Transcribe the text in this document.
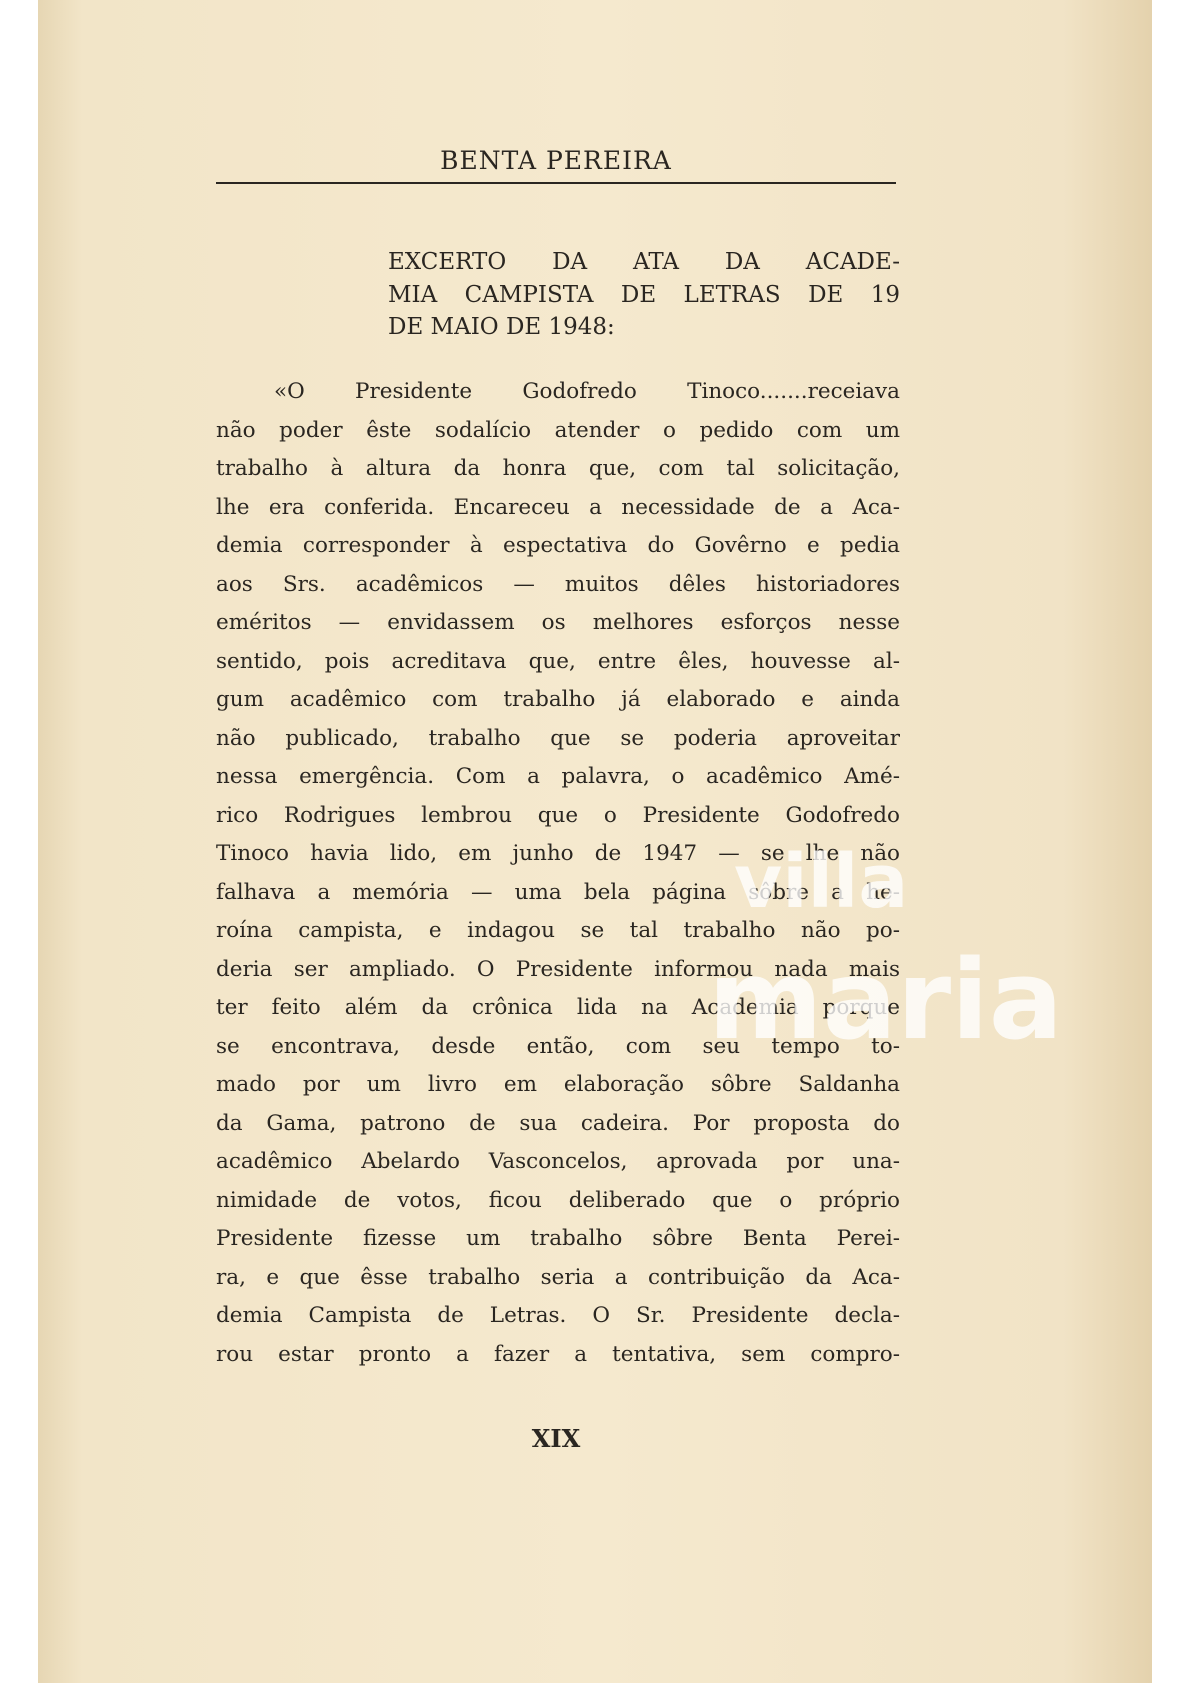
BENTA PEREIRA
EXCERTO DA ATA DA ACADE-
MIA CAMPISTA DE LETRAS DE 19
DE MAIO DE 1948:
«O Presidente Godofredo Tinoco.......receiava
não poder êste sodalício atender o pedido com um
trabalho à altura da honra que, com tal solicitação,
lhe era conferida. Encareceu a necessidade de a Aca-
demia corresponder à espectativa do Govêrno e pedia
aos Srs. acadêmicos — muitos dêles historiadores
eméritos — envidassem os melhores esforços nesse
sentido, pois acreditava que, entre êles, houvesse al-
gum acadêmico com trabalho já elaborado e ainda
não publicado, trabalho que se poderia aproveitar
nessa emergência. Com a palavra, o acadêmico Amé-
rico Rodrigues lembrou que o Presidente Godofredo
Tinoco havia lido, em junho de 1947 — se lhe não
falhava a memória — uma bela página sôbre a he-
roína campista, e indagou se tal trabalho não po-
deria ser ampliado. O Presidente informou nada mais
ter feito além da crônica lida na Academia porque
se encontrava, desde então, com seu tempo to-
mado por um livro em elaboração sôbre Saldanha
da Gama, patrono de sua cadeira. Por proposta do
acadêmico Abelardo Vasconcelos, aprovada por una-
nimidade de votos, ficou deliberado que o próprio
Presidente fizesse um trabalho sôbre Benta Perei-
ra, e que êsse trabalho seria a contribuição da Aca-
demia Campista de Letras. O Sr. Presidente decla-
rou estar pronto a fazer a tentativa, sem compro-
villa
maria
XIX
